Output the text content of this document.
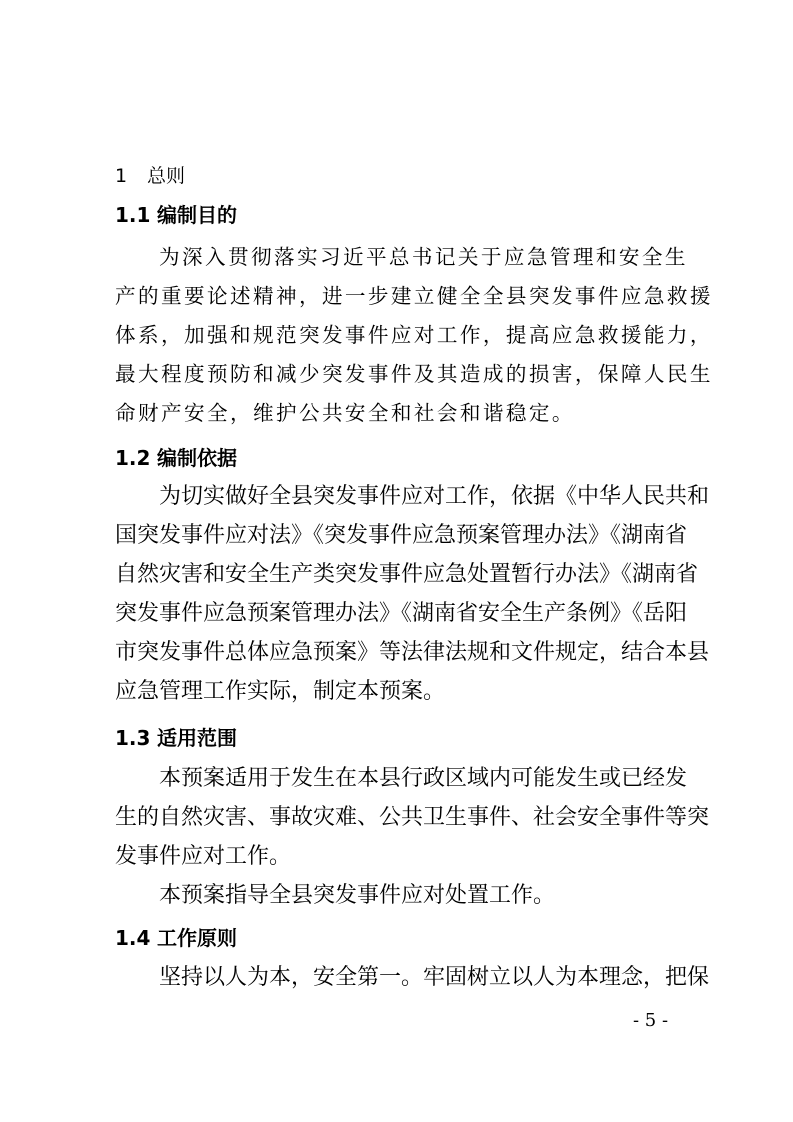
1 总则
1.1 编制目的
为深入贯彻落实习近平总书记关于应急管理和安全生
产的重要论述精神，进一步建立健全全县突发事件应急救援
体系，加强和规范突发事件应对工作，提高应急救援能力，
最大程度预防和减少突发事件及其造成的损害，保障人民生
命财产安全，维护公共安全和社会和谐稳定。
1.2 编制依据
为切实做好全县突发事件应对工作，依据《中华人民共和
国突发事件应对法》《突发事件应急预案管理办法》《湖南省
自然灾害和安全生产类突发事件应急处置暂行办法》《湖南省
突发事件应急预案管理办法》《湖南省安全生产条例》《岳阳
市突发事件总体应急预案》等法律法规和文件规定，结合本县
应急管理工作实际，制定本预案。
1.3 适用范围
本预案适用于发生在本县行政区域内可能发生或已经发
生的自然灾害、事故灾难、公共卫生事件、社会安全事件等突
发事件应对工作。
本预案指导全县突发事件应对处置工作。
1.4 工作原则
坚持以人为本，安全第一。牢固树立以人为本理念，把保
- 5 -
